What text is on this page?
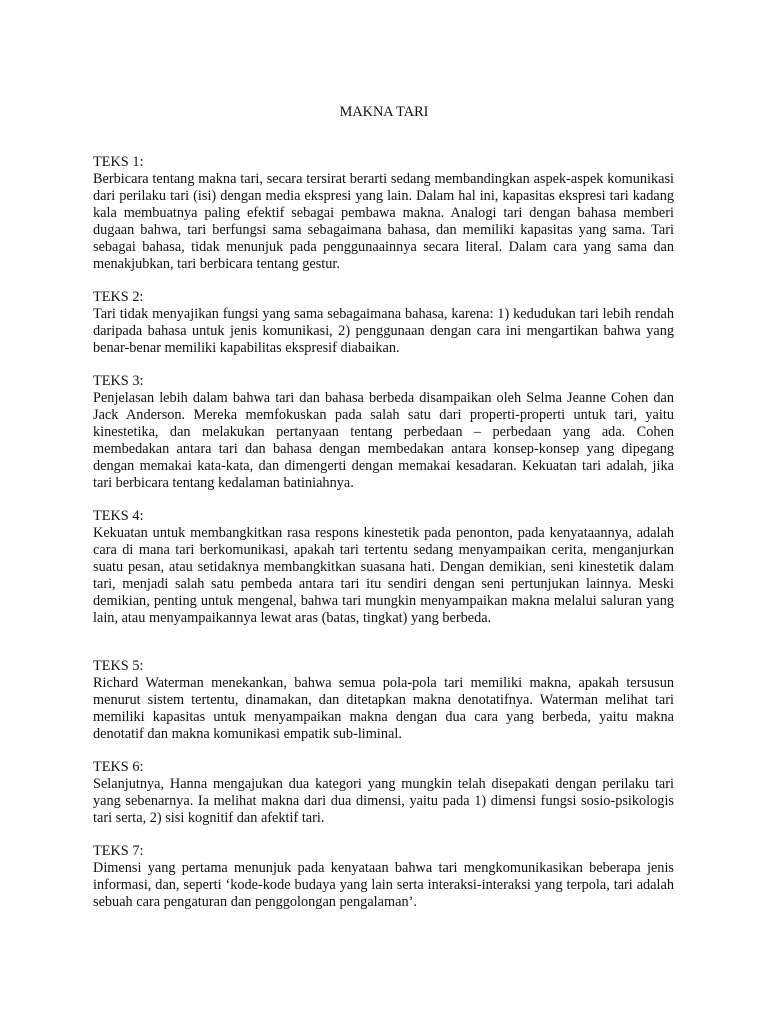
MAKNA TARI
TEKS 1:

Berbicara tentang makna tari, secara tersirat berarti sedang membandingkan aspek-aspek komunikasi dari perilaku tari (isi) dengan media ekspresi yang lain. Dalam hal ini, kapasitas ekspresi tari kadang kala membuatnya paling efektif sebagai pembawa makna. Analogi tari dengan bahasa memberi dugaan bahwa, tari berfungsi sama sebagaimana bahasa, dan memiliki kapasitas yang sama. Tari sebagai bahasa, tidak menunjuk pada penggunaainnya secara literal. Dalam cara yang sama dan menakjubkan, tari berbicara tentang gestur.

TEKS 2:

Tari tidak menyajikan fungsi yang sama sebagaimana bahasa, karena: 1) kedudukan tari lebih rendah daripada bahasa untuk jenis komunikasi, 2) penggunaan dengan cara ini mengartikan bahwa yang benar-benar memiliki kapabilitas ekspresif diabaikan.

TEKS 3:

Penjelasan lebih dalam bahwa tari dan bahasa berbeda disampaikan oleh Selma Jeanne Cohen dan Jack Anderson. Mereka memfokuskan pada salah satu dari properti-properti untuk tari, yaitu kinestetika, dan melakukan pertanyaan tentang perbedaan – perbedaan yang ada. Cohen membedakan antara tari dan bahasa dengan membedakan antara konsep-konsep yang dipegang dengan memakai kata-kata, dan dimengerti dengan memakai kesadaran. Kekuatan tari adalah, jika tari berbicara tentang kedalaman batiniahnya.

TEKS 4:

Kekuatan untuk membangkitkan rasa respons kinestetik pada penonton, pada kenyataannya, adalah cara di mana tari berkomunikasi, apakah tari tertentu sedang menyampaikan cerita, menganjurkan suatu pesan, atau setidaknya membangkitkan suasana hati. Dengan demikian, seni kinestetik dalam tari, menjadi salah satu pembeda antara tari itu sendiri dengan seni pertunjukan lainnya. Meski demikian, penting untuk mengenal, bahwa tari mungkin menyampaikan makna melalui saluran yang lain, atau menyampaikannya lewat aras (batas, tingkat) yang berbeda.

TEKS 5:

Richard Waterman menekankan, bahwa semua pola-pola tari memiliki makna, apakah tersusun menurut sistem tertentu, dinamakan, dan ditetapkan makna denotatifnya. Waterman melihat tari memiliki kapasitas untuk menyampaikan makna dengan dua cara yang berbeda, yaitu makna denotatif dan makna komunikasi empatik sub-liminal.

TEKS 6:

Selanjutnya, Hanna mengajukan dua kategori yang mungkin telah disepakati dengan perilaku tari yang sebenarnya. Ia melihat makna dari dua dimensi, yaitu pada 1) dimensi fungsi sosio-psikologis tari serta, 2) sisi kognitif dan afektif tari.

TEKS 7:

Dimensi yang pertama menunjuk pada kenyataan bahwa tari mengkomunikasikan beberapa jenis informasi, dan, seperti ‘kode-kode budaya yang lain serta interaksi-interaksi yang terpola, tari adalah sebuah cara pengaturan dan penggolongan pengalaman’.
